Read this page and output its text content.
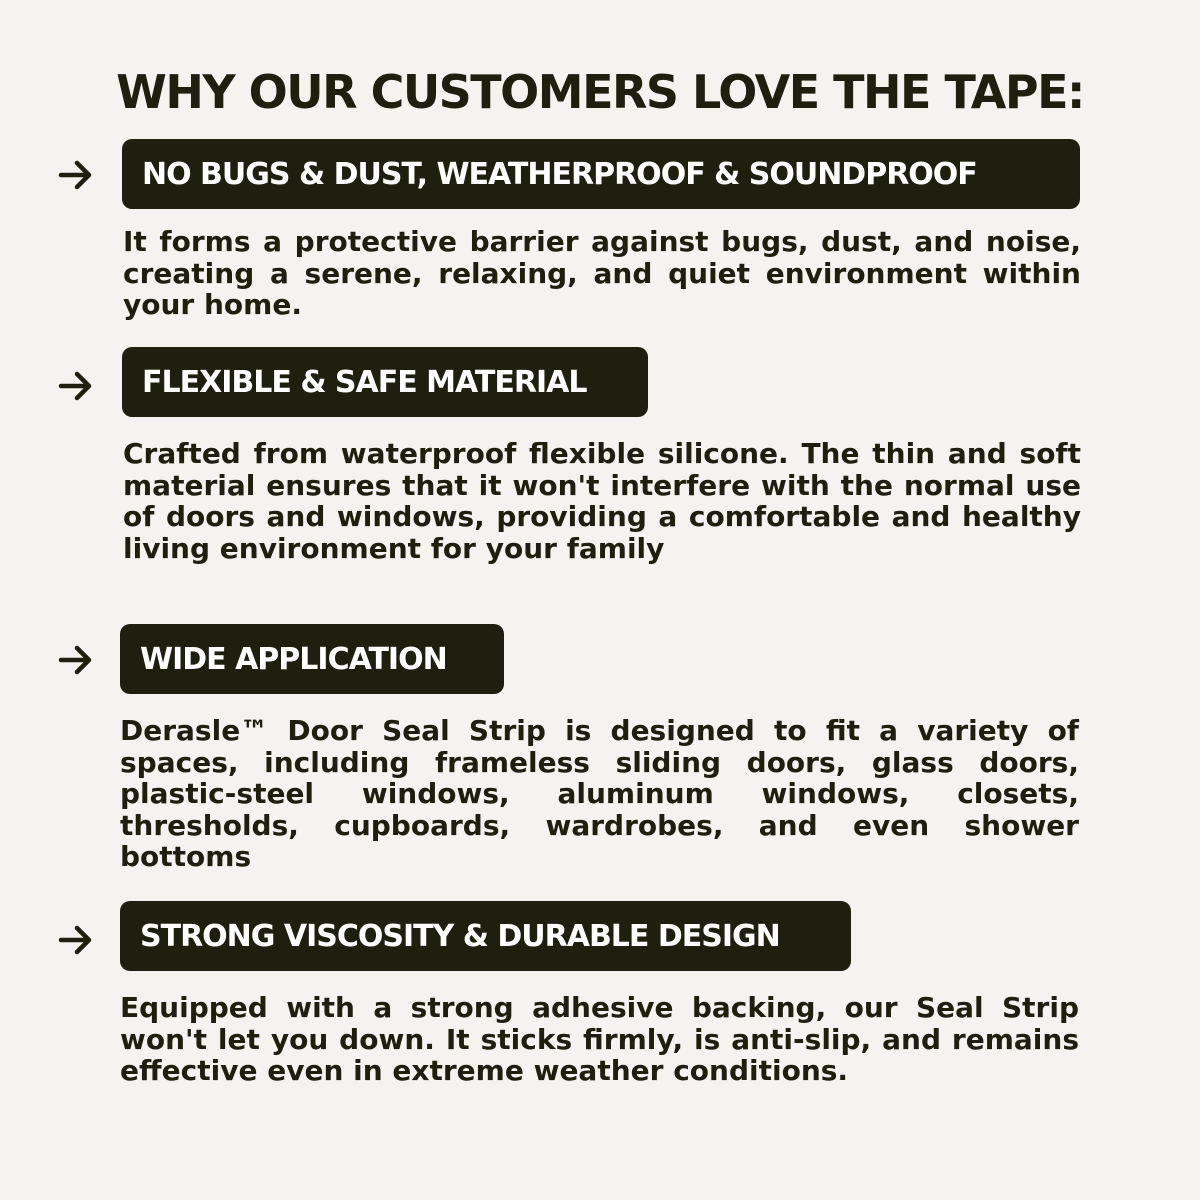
WHY OUR CUSTOMERS LOVE THE TAPE:
NO BUGS & DUST, WEATHERPROOF & SOUNDPROOF

It forms a protective barrier against bugs, dust, and noise, creating a serene, relaxing, and quiet environment within your home.

FLEXIBLE & SAFE MATERIAL

Crafted from waterproof flexible silicone. The thin and soft material ensures that it won't interfere with the normal use of doors and windows, providing a comfortable and healthy living environment for your family

WIDE APPLICATION

Derasle™ Door Seal Strip is designed to fit a variety of spaces, including frameless sliding doors, glass doors, plastic-steel windows, aluminum windows, closets, thresholds, cupboards, wardrobes, and even shower bottoms

STRONG VISCOSITY & DURABLE DESIGN

Equipped with a strong adhesive backing, our Seal Strip won't let you down. It sticks firmly, is anti-slip, and remains effective even in extreme weather conditions.
